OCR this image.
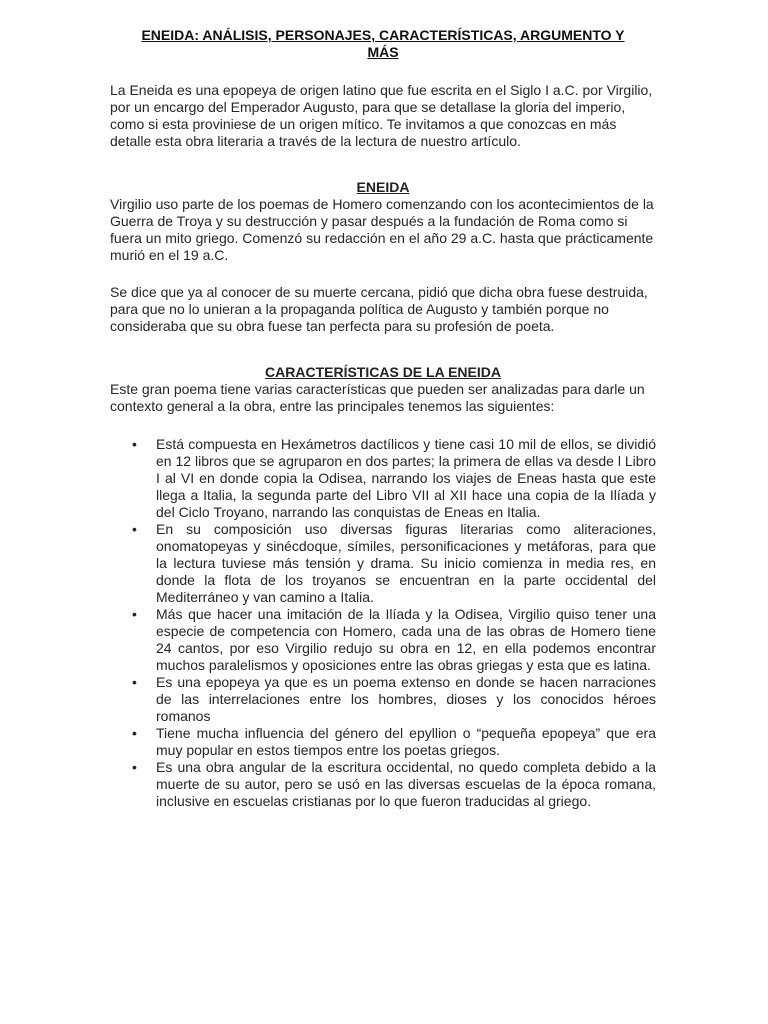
ENEIDA: ANÁLISIS, PERSONAJES, CARACTERÍSTICAS, ARGUMENTO Y
MÁS

La Eneida es una epopeya de origen latino que fue escrita en el Siglo I a.C. por Virgilio, por un encargo del Emperador Augusto, para que se detallase la gloria del imperio, como si esta proviniese de un origen mítico. Te invitamos a que conozcas en más detalle esta obra literaria a través de la lectura de nuestro artículo.

ENEIDA

Virgilio uso parte de los poemas de Homero comenzando con los acontecimientos de la Guerra de Troya y su destrucción y pasar después a la fundación de Roma como si fuera un mito griego. Comenzó su redacción en el año 29 a.C. hasta que prácticamente murió en el 19 a.C.

Se dice que ya al conocer de su muerte cercana, pidió que dicha obra fuese destruida, para que no lo unieran a la propaganda política de Augusto y también porque no consideraba que su obra fuese tan perfecta para su profesión de poeta.

CARACTERÍSTICAS DE LA ENEIDA

Este gran poema tiene varias características que pueden ser analizadas para darle un contexto general a la obra, entre las principales tenemos las siguientes:

• Está compuesta en Hexámetros dactílicos y tiene casi 10 mil de ellos, se dividió en 12 libros que se agruparon en dos partes; la primera de ellas va desde l Libro I al VI en donde copia la Odisea, narrando los viajes de Eneas hasta que este llega a Italia, la segunda parte del Libro VII al XII hace una copia de la Ilíada y del Ciclo Troyano, narrando las conquistas de Eneas en Italia.
• En su composición uso diversas figuras literarias como aliteraciones, onomatopeyas y sinécdoque, símiles, personificaciones y metáforas, para que la lectura tuviese más tensión y drama. Su inicio comienza in media res, en donde la flota de los troyanos se encuentran en la parte occidental del Mediterráneo y van camino a Italia.
• Más que hacer una imitación de la Ilíada y la Odisea, Virgilio quiso tener una especie de competencia con Homero, cada una de las obras de Homero tiene 24 cantos, por eso Virgilio redujo su obra en 12, en ella podemos encontrar muchos paralelismos y oposiciones entre las obras griegas y esta que es latina.
• Es una epopeya ya que es un poema extenso en donde se hacen narraciones de las interrelaciones entre los hombres, dioses y los conocidos héroes romanos
• Tiene mucha influencia del género del epyllion o “pequeña epopeya” que era muy popular en estos tiempos entre los poetas griegos.
• Es una obra angular de la escritura occidental, no quedo completa debido a la muerte de su autor, pero se usó en las diversas escuelas de la época romana, inclusive en escuelas cristianas por lo que fueron traducidas al griego.
